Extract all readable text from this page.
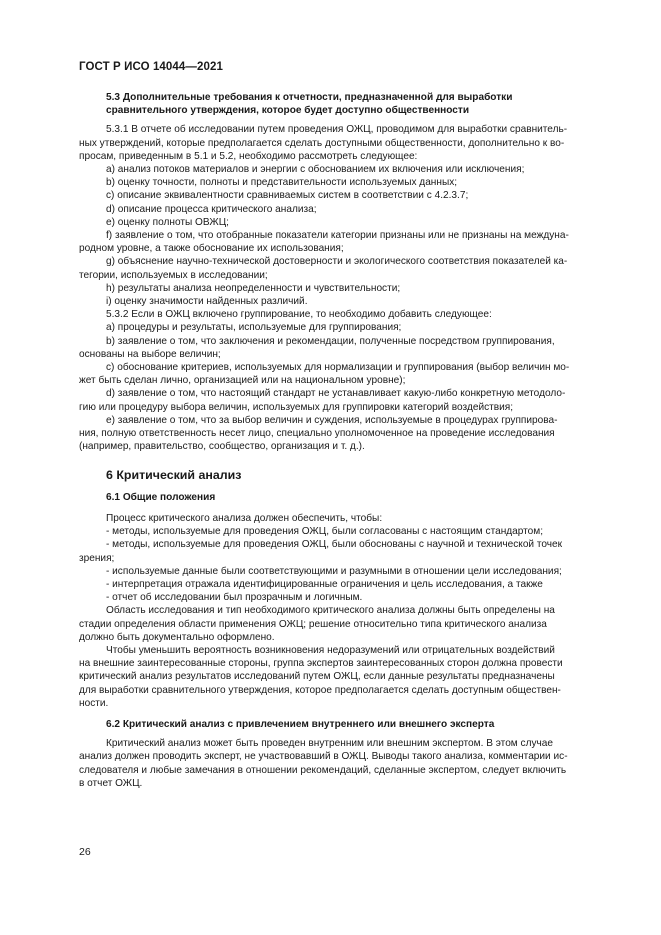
ГОСТ Р ИСО 14044—2021
5.3 Дополнительные требования к отчетности, предназначенной для выработки
сравнительного утверждения, которое будет доступно общественности

5.3.1 В отчете об исследовании путем проведения ОЖЦ, проводимом для выработки сравнитель-
ных утверждений, которые предполагается сделать доступными общественности, дополнительно к во-
просам, приведенным в 5.1 и 5.2, необходимо рассмотреть следующее:

a) анализ потоков материалов и энергии с обоснованием их включения или исключения;

b) оценку точности, полноты и представительности используемых данных;

c) описание эквивалентности сравниваемых систем в соответствии с 4.2.3.7;

d) описание процесса критического анализа;

e) оценку полноты ОВЖЦ;

f) заявление о том, что отобранные показатели категории признаны или не признаны на междуна-
родном уровне, а также обоснование их использования;

g) объяснение научно-технической достоверности и экологического соответствия показателей ка-
тегории, используемых в исследовании;

h) результаты анализа неопределенности и чувствительности;

i) оценку значимости найденных различий.

5.3.2 Если в ОЖЦ включено группирование, то необходимо добавить следующее:

a) процедуры и результаты, используемые для группирования;

b) заявление о том, что заключения и рекомендации, полученные посредством группирования,
основаны на выборе величин;

c) обоснование критериев, используемых для нормализации и группирования (выбор величин мо-
жет быть сделан лично, организацией или на национальном уровне);

d) заявление о том, что настоящий стандарт не устанавливает какую-либо конкретную методоло-
гию или процедуру выбора величин, используемых для группировки категорий воздействия;

e) заявление о том, что за выбор величин и суждения, используемые в процедурах группирова-
ния, полную ответственность несет лицо, специально уполномоченное на проведение исследования
(например, правительство, сообщество, организация и т. д.).

6 Критический анализ
6.1 Общие положения

Процесс критического анализа должен обеспечить, чтобы:

- методы, используемые для проведения ОЖЦ, были согласованы с настоящим стандартом;

- методы, используемые для проведения ОЖЦ, были обоснованы с научной и технической точек
зрения;

- используемые данные были соответствующими и разумными в отношении цели исследования;

- интерпретация отражала идентифицированные ограничения и цель исследования, а также

- отчет об исследовании был прозрачным и логичным.

Область исследования и тип необходимого критического анализа должны быть определены на
стадии определения области применения ОЖЦ; решение относительно типа критического анализа
должно быть документально оформлено.

Чтобы уменьшить вероятность возникновения недоразумений или отрицательных воздействий
на внешние заинтересованные стороны, группа экспертов заинтересованных сторон должна провести
критический анализ результатов исследований путем ОЖЦ, если данные результаты предназначены
для выработки сравнительного утверждения, которое предполагается сделать доступным обществен-
ности.

6.2 Критический анализ с привлечением внутреннего или внешнего эксперта

Критический анализ может быть проведен внутренним или внешним экспертом. В этом случае
анализ должен проводить эксперт, не участвовавший в ОЖЦ. Выводы такого анализа, комментарии ис-
следователя и любые замечания в отношении рекомендаций, сделанные экспертом, следует включить
в отчет ОЖЦ.

26
